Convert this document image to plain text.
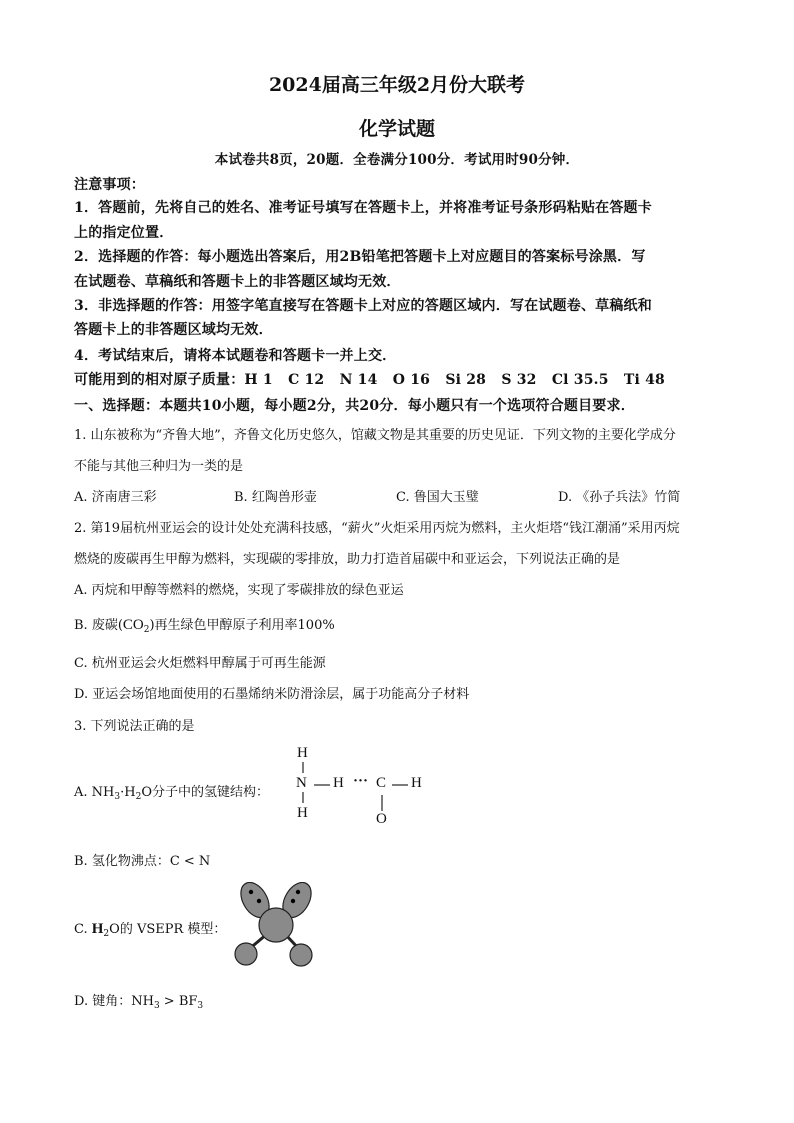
2024届高三年级2月份大联考
化学试题
本试卷共8页，20题．全卷满分100分．考试用时90分钟．
注意事项：
1．答题前，先将自己的姓名、准考证号填写在答题卡上，并将准考证号条形码粘贴在答题卡
上的指定位置．
2．选择题的作答：每小题选出答案后，用2B铅笔把答题卡上对应题目的答案标号涂黑．写
在试题卷、草稿纸和答题卡上的非答题区域均无效．
3．非选择题的作答：用签字笔直接写在答题卡上对应的答题区域内．写在试题卷、草稿纸和
答题卡上的非答题区域均无效．
4．考试结束后，请将本试题卷和答题卡一并上交．
可能用到的相对原子质量：H 1   C 12   N 14   O 16   Si 28   S 32   Cl 35.5   Ti 48
一、选择题：本题共10小题，每小题2分，共20分．每小题只有一个选项符合题目要求．
1. 山东被称为“齐鲁大地”，齐鲁文化历史悠久，馆藏文物是其重要的历史见证．下列文物的主要化学成分
不能与其他三种归为一类的是
A. 济南唐三彩	B. 红陶兽形壶	C. 鲁国大玉璧	D. 《孙子兵法》竹简
2. 第19届杭州亚运会的设计处处充满科技感，“薪火”火炬采用丙烷为燃料，主火炬塔“钱江潮涌”采用丙烷
燃烧的废碳再生甲醇为燃料，实现碳的零排放，助力打造首届碳中和亚运会，下列说法正确的是
A. 丙烷和甲醇等燃料的燃烧，实现了零碳排放的绿色亚运
B. 废碳$(CO_2)$再生绿色甲醇原子利用率100%
C. 杭州亚运会火炬燃料甲醇属于可再生能源
D. 亚运会场馆地面使用的石墨烯纳米防滑涂层，属于功能高分子材料
3. 下列说法正确的是
A. $NH_3\cdot H_2O$分子中的氢键结构：
H
N
H
H ··· C H
O
B. 氢化物沸点：C < N
C. $H_2O$的 VSEPR 模型：
D. 键角：$NH_3 > BF_3$
